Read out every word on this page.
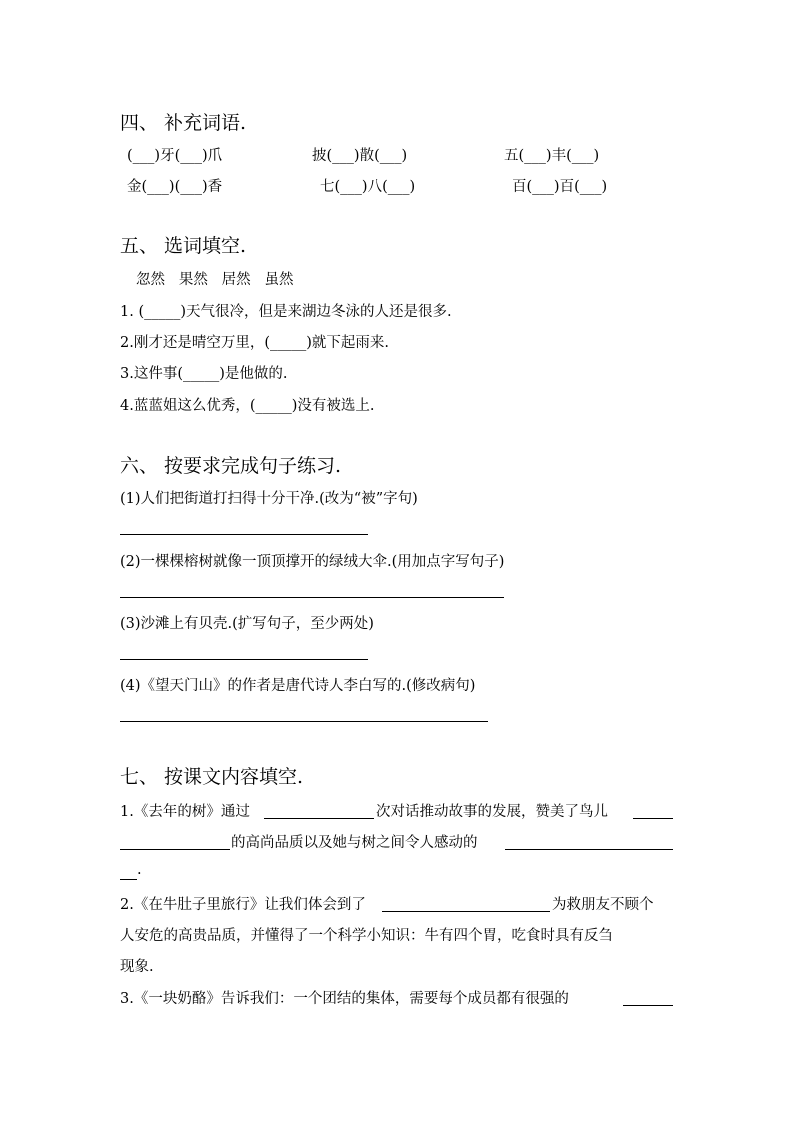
四、 补充词语.
(___)牙(___)爪	披(___)散(___)	五(___)丰(___)
金(___)(___)香	七(___)八(___)	百(___)百(___)
五、 选词填空.
忽然   果然   居然   虽然
1. (_____)天气很冷，但是来湖边冬泳的人还是很多.
2.刚才还是晴空万里，(_____)就下起雨来.
3.这件事(_____)是他做的.
4.蓝蓝姐这么优秀，(_____)没有被选上.
六、 按要求完成句子练习.
(1)人们把街道打扫得十分干净.(改为“被”字句)
(2)一棵棵榕树就像一顶顶撑开的绿绒大伞.(用加点字写句子)
(3)沙滩上有贝壳.(扩写句子，至少两处)
(4)《望天门山》的作者是唐代诗人李白写的.(修改病句)
七、 按课文内容填空.
1.《去年的树》通过	次对话推动故事的发展，赞美了鸟儿
的高尚品质以及她与树之间令人感动的
.
2.《在牛肚子里旅行》让我们体会到了	为救朋友不顾个
人安危的高贵品质，并懂得了一个科学小知识：牛有四个胃，吃食时具有反刍
现象.
3.《一块奶酪》告诉我们：一个团结的集体，需要每个成员都有很强的
